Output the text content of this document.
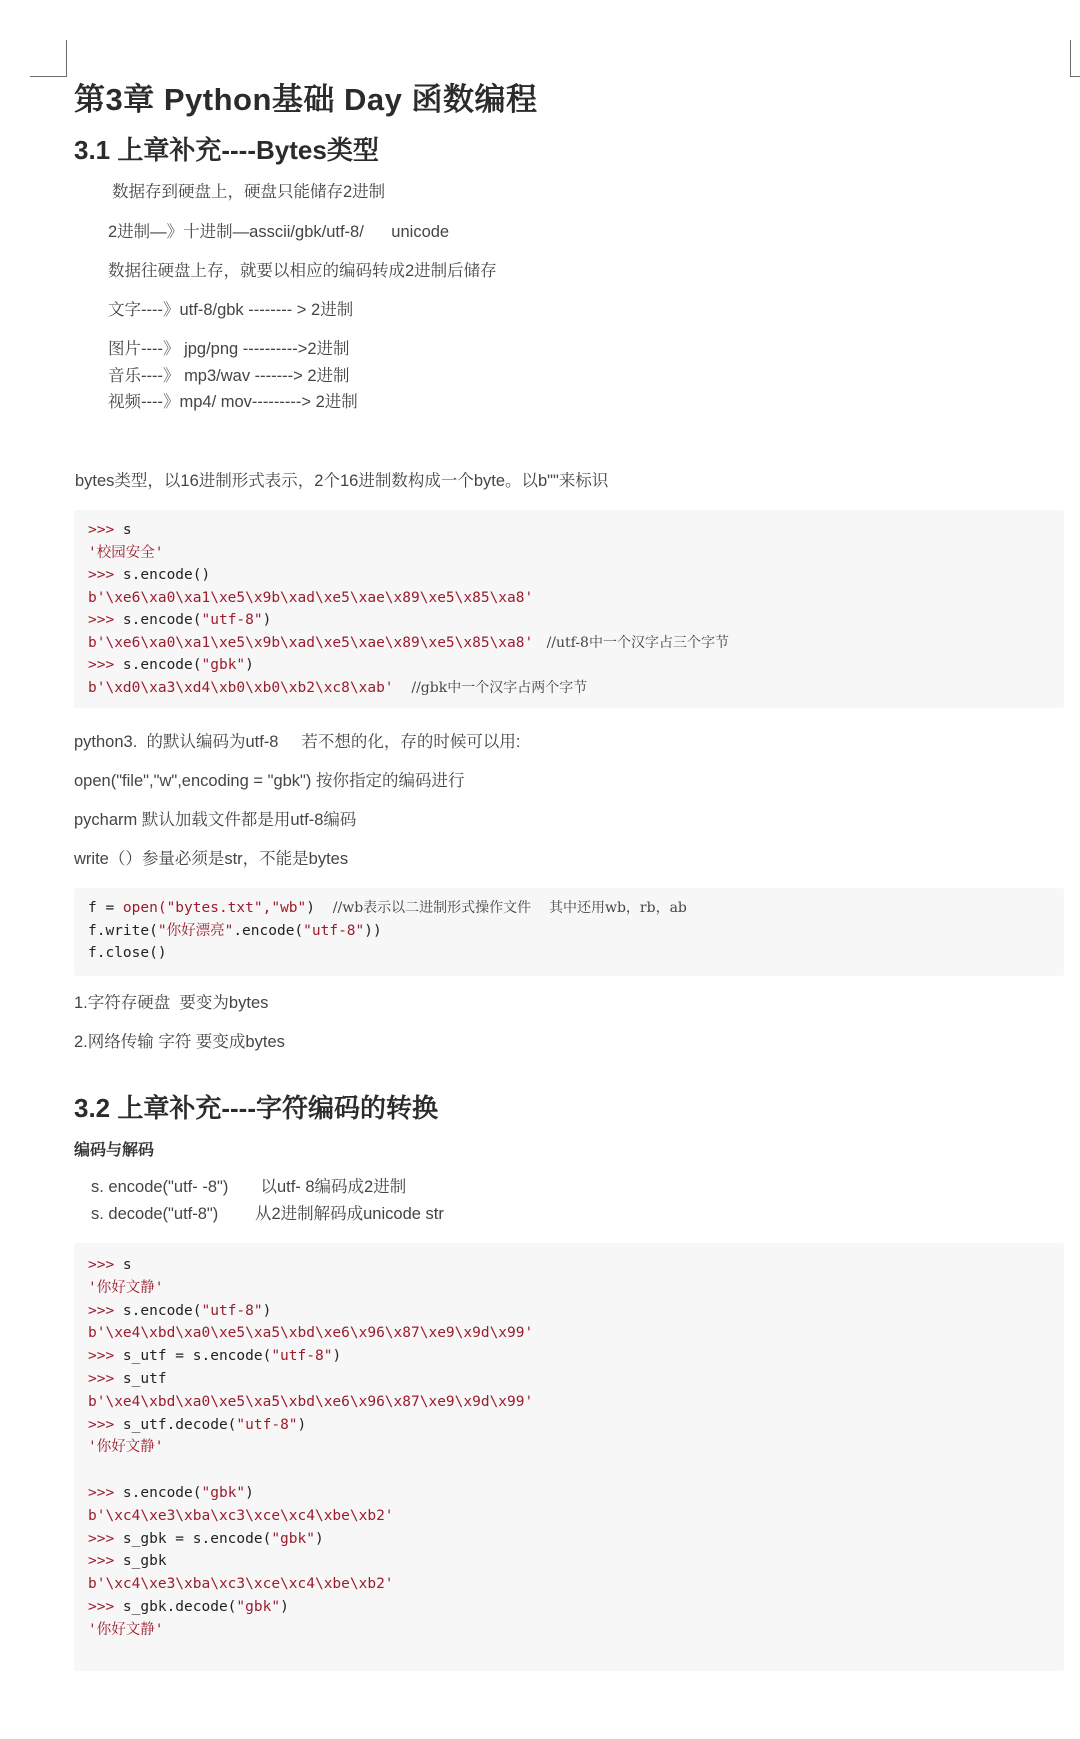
第3章 Python基础 Day 函数编程
3.1 上章补充----Bytes类型

数据存到硬盘上，硬盘只能储存2进制

2进制—》十进制—asscii/gbk/utf-8/      unicode

数据往硬盘上存，就要以相应的编码转成2进制后储存

文字----》utf-8/gbk -------- > 2进制

图片----》 jpg/png ---------->2进制

音乐----》 mp3/wav -------> 2进制

视频----》mp4/ mov---------> 2进制

bytes类型，以16进制形式表示，2个16进制数构成一个byte。以b""来标识

>>> s
'校园安全'
>>> s.encode()
b'\xe6\xa0\xa1\xe5\x9b\xad\xe5\xae\x89\xe5\x85\xa8'
>>> s.encode("utf-8")
b'\xe6\xa0\xa1\xe5\x9b\xad\xe5\xae\x89\xe5\x85\xa8'   //utf-8中一个汉字占三个字节
>>> s.encode("gbk")
b'\xd0\xa3\xd4\xb0\xb0\xb2\xc8\xab'    //gbk中一个汉字占两个字节

python3.  的默认编码为utf-8     若不想的化，存的时候可以用:

open("file","w",encoding = "gbk") 按你指定的编码进行

pycharm 默认加载文件都是用utf-8编码

write（）参量必须是str，不能是bytes

f = open("bytes.txt","wb")    //wb表示以二进制形式操作文件    其中还用wb，rb，ab
f.write("你好漂亮".encode("utf-8"))
f.close()

1.字符存硬盘  要变为bytes

2.网络传输 字符 要变成bytes

3.2 上章补充----字符编码的转换

编码与解码

s. encode("utf- -8")       以utf- 8编码成2进制

s. decode("utf-8")        从2进制解码成unicode str

>>> s
'你好文静'
>>> s.encode("utf-8")
b'\xe4\xbd\xa0\xe5\xa5\xbd\xe6\x96\x87\xe9\x9d\x99'
>>> s_utf = s.encode("utf-8")
>>> s_utf
b'\xe4\xbd\xa0\xe5\xa5\xbd\xe6\x96\x87\xe9\x9d\x99'
>>> s_utf.decode("utf-8")
'你好文静'
>>> s.encode("gbk")
b'\xc4\xe3\xba\xc3\xce\xc4\xbe\xb2'
>>> s_gbk = s.encode("gbk")
>>> s_gbk
b'\xc4\xe3\xba\xc3\xce\xc4\xbe\xb2'
>>> s_gbk.decode("gbk")
'你好文静'
